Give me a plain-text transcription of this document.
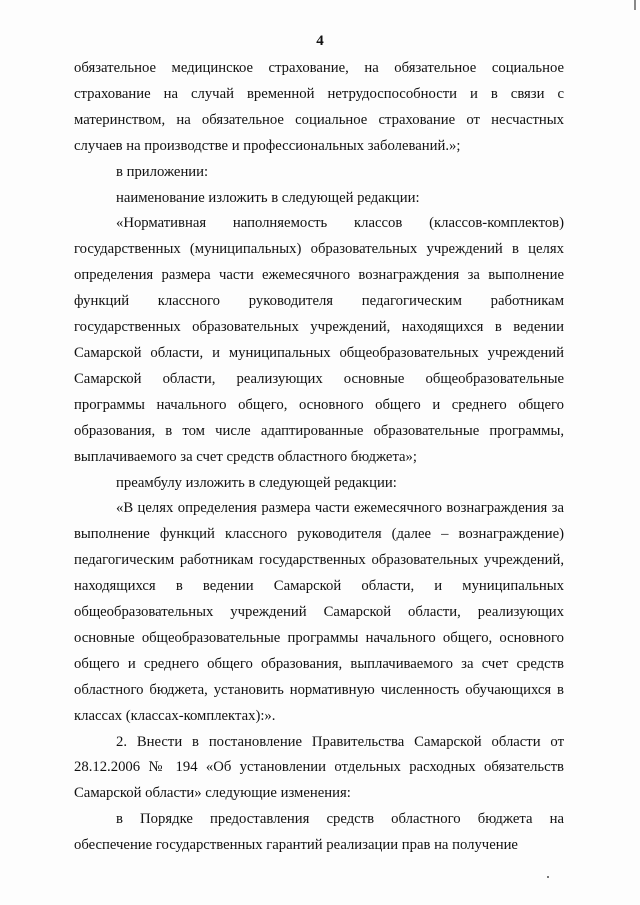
4

обязательное медицинское страхование, на обязательное социальное страхование на случай временной нетрудоспособности и в связи с материнством, на обязательное социальное страхование от несчастных случаев на производстве и профессиональных заболеваний.»;

в приложении:

наименование изложить в следующей редакции:

«Нормативная наполняемость классов (классов-комплектов) государственных (муниципальных) образовательных учреждений в целях определения размера части ежемесячного вознаграждения за выполнение функций классного руководителя педагогическим работникам государственных образовательных учреждений, находящихся в ведении Самарской области, и муниципальных общеобразовательных учреждений Самарской области, реализующих основные общеобразовательные программы начального общего, основного общего и среднего общего образования, в том числе адаптированные образовательные программы, выплачиваемого за счет средств областного бюджета»;

преамбулу изложить в следующей редакции:

«В целях определения размера части ежемесячного вознаграждения за выполнение функций классного руководителя (далее – вознаграждение) педагогическим работникам государственных образовательных учреждений, находящихся в ведении Самарской области, и муниципальных общеобразовательных учреждений Самарской области, реализующих основные общеобразовательные программы начального общего, основного общего и среднего общего образования, выплачиваемого за счет средств областного бюджета, установить нормативную численность обучающихся в классах (классах-комплектах):».

2. Внести в постановление Правительства Самарской области от 28.12.2006 № 194 «Об установлении отдельных расходных обязательств Самарской области» следующие изменения:

в Порядке предоставления средств областного бюджета на обеспечение государственных гарантий реализации прав на получение
